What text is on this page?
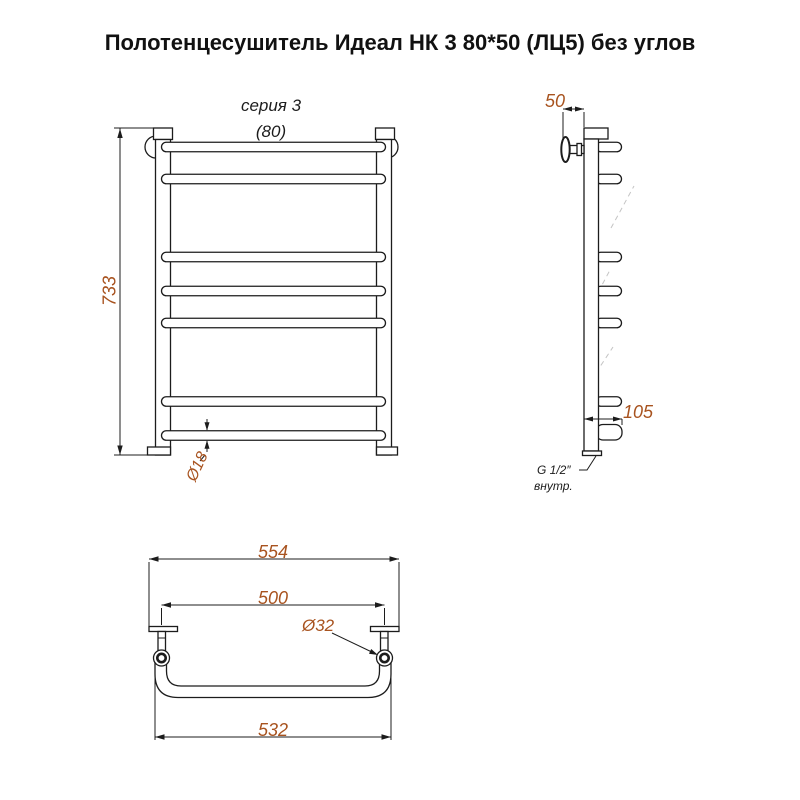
Полотенцесушитель Идеал НК 3 80*50 (ЛЦ5) без углов
серия 3
(80)
733
Ø18
50
105
G 1/2″
внутр.
554
500
Ø32
532
